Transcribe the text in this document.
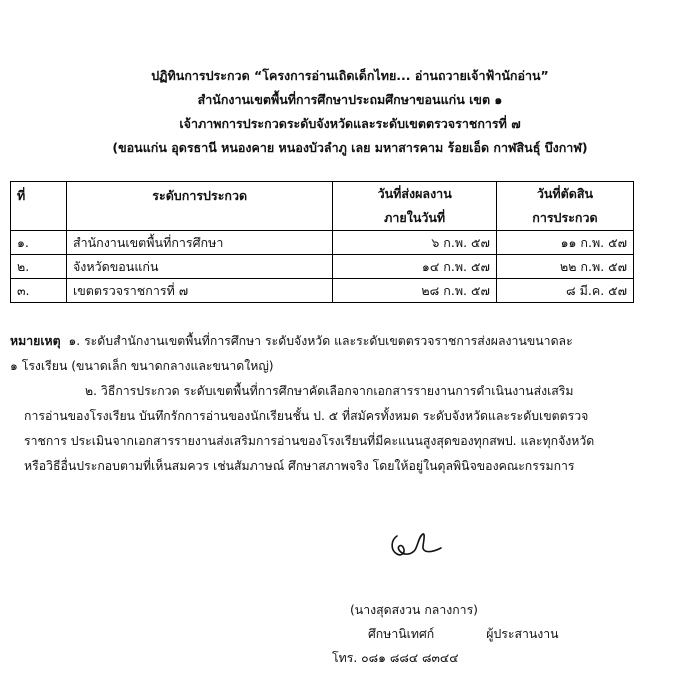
ปฏิทินการประกวด “โครงการอ่านเถิดเด็กไทย... อ่านถวายเจ้าฟ้านักอ่าน”
สำนักงานเขตพื้นที่การศึกษาประถมศึกษาขอนแก่น เขต ๑
เจ้าภาพการประกวดระดับจังหวัดและระดับเขตตรวจราชการที่ ๗
(ขอนแก่น อุดรธานี หนองคาย หนองบัวลำภู เลย มหาสารคาม ร้อยเอ็ด กาฬสินธุ์ บึงกาฬ)
ที่	ระดับการประกวด	วันที่ส่งผลงาน	วันที่ตัดสิน
		ภายในวันที่	การประกวด
๑.	สำนักงานเขตพื้นที่การศึกษา	๖ ก.พ. ๕๗	๑๑ ก.พ. ๕๗
๒.	จังหวัดขอนแก่น	๑๔ ก.พ. ๕๗	๒๒ ก.พ. ๕๗
๓.	เขตตรวจราชการที่ ๗	๒๘ ก.พ. ๕๗	๘ มี.ค. ๕๗
หมายเหตุ ๑. ระดับสำนักงานเขตพื้นที่การศึกษา ระดับจังหวัด และระดับเขตตรวจราชการส่งผลงานขนาดละ
๑ โรงเรียน (ขนาดเล็ก ขนาดกลางและขนาดใหญ่)
๒. วิธีการประกวด ระดับเขตพื้นที่การศึกษาคัดเลือกจากเอกสารรายงานการดำเนินงานส่งเสริม
การอ่านของโรงเรียน บันทึกรักการอ่านของนักเรียนชั้น ป. ๕ ที่สมัครทั้งหมด ระดับจังหวัดและระดับเขตตรวจ
ราชการ ประเมินจากเอกสารรายงานส่งเสริมการอ่านของโรงเรียนที่มีคะแนนสูงสุดของทุกสพป. และทุกจังหวัด
หรือวิธีอื่นประกอบตามที่เห็นสมควร เช่นสัมภาษณ์ ศึกษาสภาพจริง โดยให้อยู่ในดุลพินิจของคณะกรรมการ
(นางสุดสงวน กลางการ)
ศึกษานิเทศก์	ผู้ประสานงาน
โทร. ๐๘๑ ๘๘๔ ๘๓๔๔
